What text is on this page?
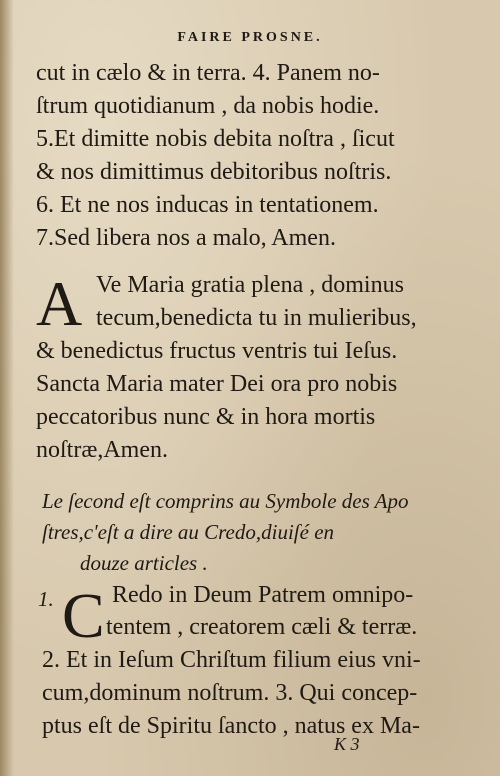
FAIRE PROSNE.
cut in cælo & in terra. 4. Panem no-
ſtrum quotidianum , da nobis hodie.
5.Et dimitte nobis debita noſtra , ſicut
& nos dimittimus debitoribus noſtris.
6. Et ne nos inducas in tentationem.
7.Sed libera nos a malo, Amen.
A Ve Maria gratia plena , dominus
tecum,benedicta tu in mulieribus,
& benedictus fructus ventris tui Ieſus.
Sancta Maria mater Dei ora pro nobis
peccatoribus nunc & in hora mortis
noſtræ,Amen.
Le ſecond eſt comprins au Symbole des Apo
ſtres,c'eſt a dire au Credo,diuiſé en
douze articles .
1. C Redo in Deum Patrem omnipo-
tentem , creatorem cæli & terræ.
2. Et in Ieſum Chriſtum filium eius vni-
cum,dominum noſtrum. 3. Qui concep-
ptus eſt de Spiritu ſancto , natus ex Ma-
K 3
